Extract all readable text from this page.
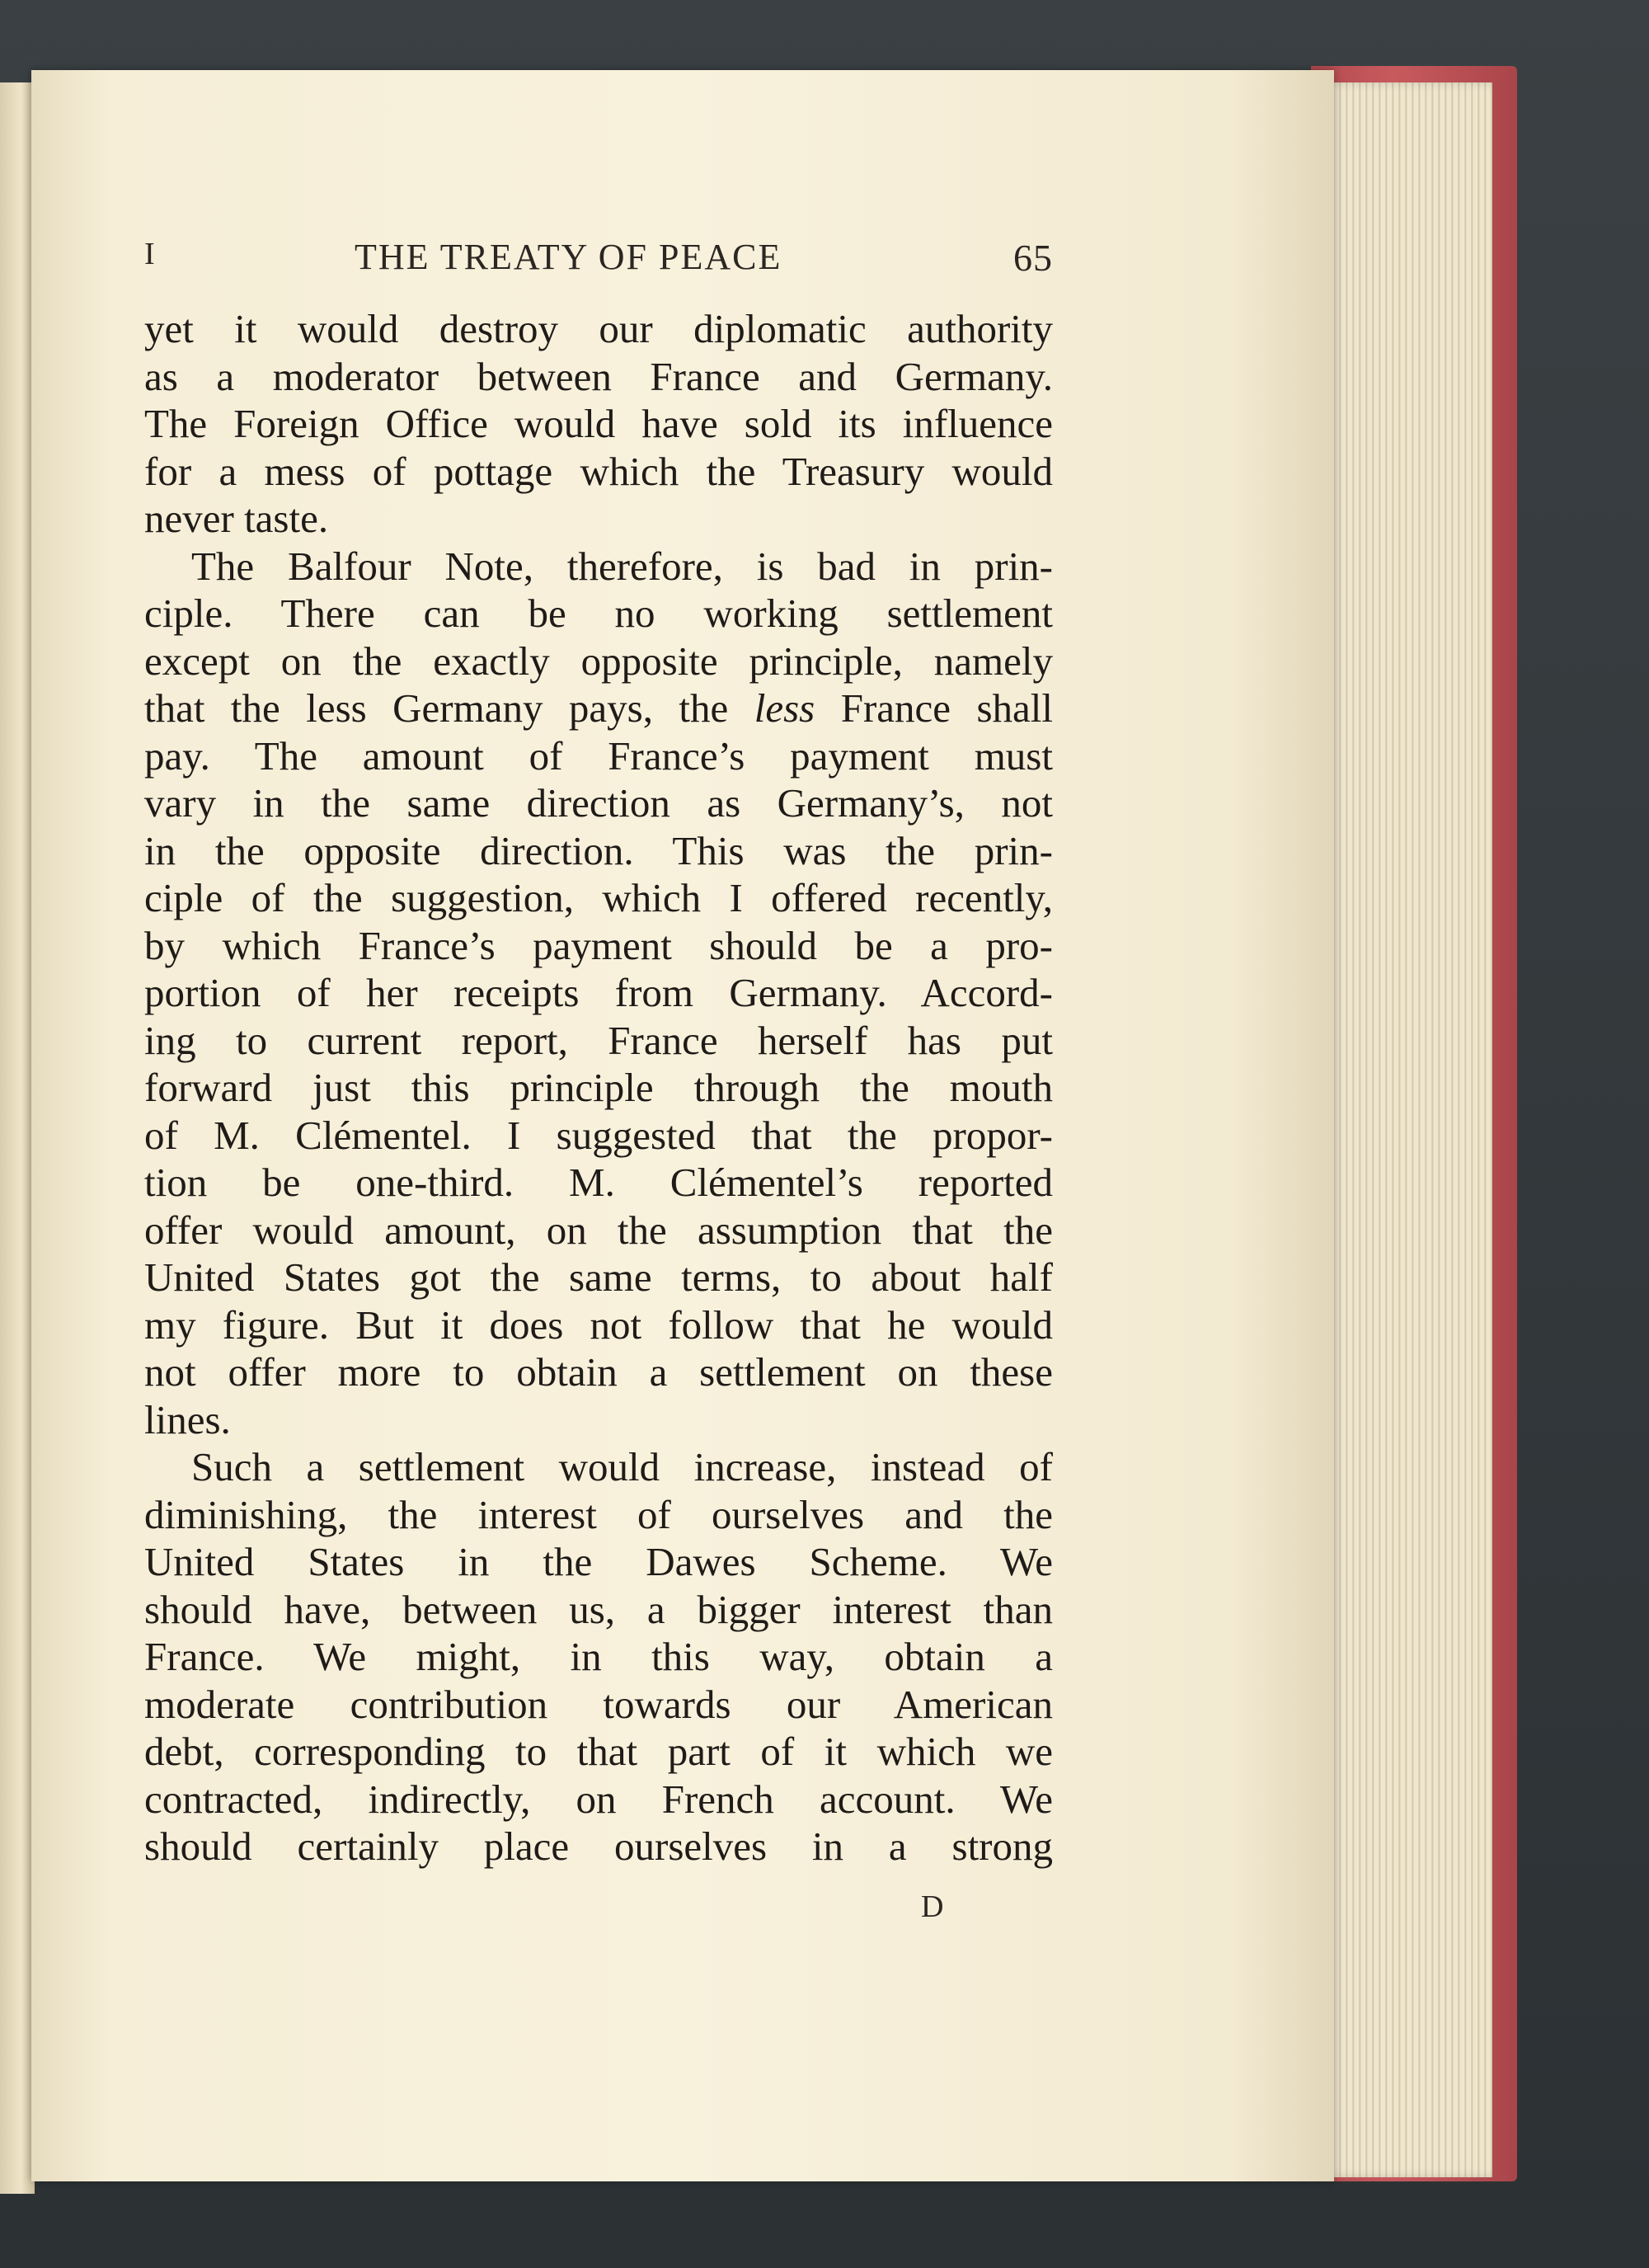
I	THE TREATY OF PEACE	65
yet it would destroy our diplomatic authority
as a moderator between France and Germany.
The Foreign Office would have sold its influence
for a mess of pottage which the Treasury would
never taste.
The Balfour Note, therefore, is bad in prin-
ciple. There can be no working settlement
except on the exactly opposite principle, namely
that the less Germany pays, the less France shall
pay. The amount of France’s payment must
vary in the same direction as Germany’s, not
in the opposite direction. This was the prin-
ciple of the suggestion, which I offered recently,
by which France’s payment should be a pro-
portion of her receipts from Germany. Accord-
ing to current report, France herself has put
forward just this principle through the mouth
of M. Clémentel. I suggested that the propor-
tion be one-third. M. Clémentel’s reported
offer would amount, on the assumption that the
United States got the same terms, to about half
my figure. But it does not follow that he would
not offer more to obtain a settlement on these
lines.
Such a settlement would increase, instead of
diminishing, the interest of ourselves and the
United States in the Dawes Scheme. We
should have, between us, a bigger interest than
France. We might, in this way, obtain a
moderate contribution towards our American
debt, corresponding to that part of it which we
contracted, indirectly, on French account. We
should certainly place ourselves in a strong
D
